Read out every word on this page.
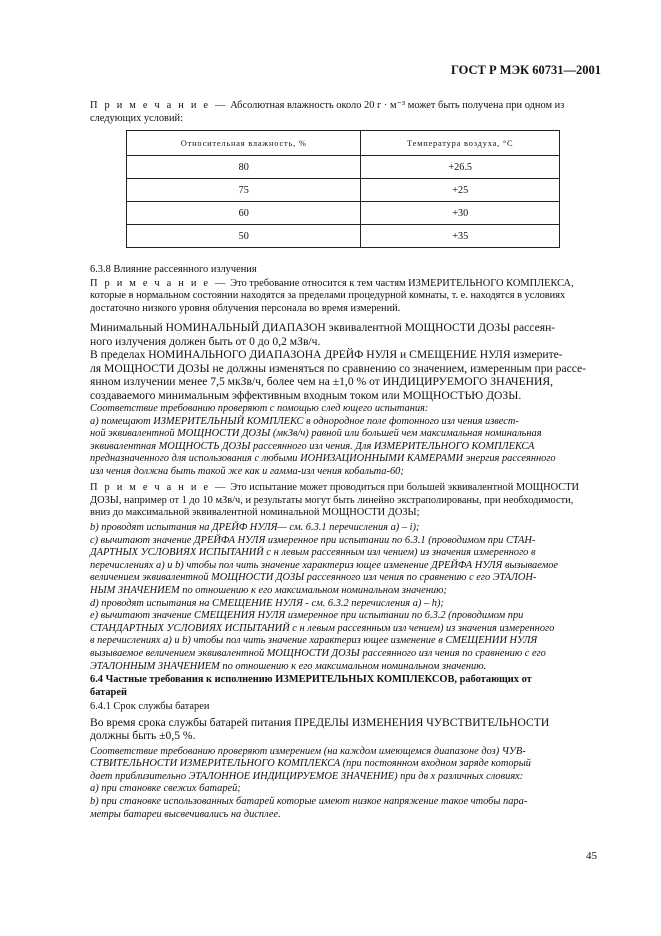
ГОСТ Р МЭК 60731—2001

П р и м е ч а н и е — Абсолютная влажность около 20 г · м⁻³ может быть получена при одном из

следующих условий:

Относительная влажность, %	Температура воздуха, °С
80	+26.5
75	+25
60	+30
50	+35

6.3.8 Влияние рассеянного излучения

П р и м е ч а н и е — Это требование относится к тем частям ИЗМЕРИТЕЛЬНОГО КОМПЛЕКСА,

которые в нормальном состоянии находятся за пределами процедурной комнаты, т. е. находятся в условиях

достаточно низкого уровня облучения персонала во время измерений.

Минимальный НОМИНАЛЬНЫЙ ДИАПАЗОН эквивалентной МОЩНОСТИ ДОЗЫ рассеян-

ного излучения должен быть от 0 до 0,2 мЗв/ч.

В пределах НОМИНАЛЬНОГО ДИАПАЗОНА ДРЕЙФ НУЛЯ и СМЕЩЕНИЕ НУЛЯ измерите-

ля МОЩНОСТИ ДОЗЫ не должны изменяться по сравнению со значением, измеренным при рассе-

янном излучении менее 7,5 мкЗв/ч, более чем на ±1,0 % от ИНДИЦИРУЕМОГО ЗНАЧЕНИЯ,

создаваемого минимальным эффективным входным током или МОЩНОСТЬЮ ДОЗЫ.

Соответствие требованию проверяют с помощью след ющего испытания:

а) помещают ИЗМЕРИТЕЛЬНЫЙ КОМПЛЕКС в однородное поле фотонного изл чения извест-

ной эквивалентной МОЩНОСТИ ДОЗЫ (мкЗв/ч) равной или большей чем максимальная номинальная

эквивалентная МОЩНОСТЬ ДОЗЫ рассеянного изл чения. Для ИЗМЕРИТЕЛЬНОГО КОМПЛЕКСА

предназначенного для использования с любыми ИОНИЗАЦИОННЫМИ КАМЕРАМИ энергия рассеянного

изл чения должна быть такой же как и гамма-изл чения кобальта-60;

П р и м е ч а н и е — Это испытание может проводиться при большей эквивалентной МОЩНОСТИ

ДОЗЫ, например от 1 до 10 мЗв/ч, и результаты могут быть линейно экстраполированы, при необходимости,

вниз до максимальной эквивалентной номинальной МОЩНОСТИ ДОЗЫ;

b) проводят испытания на ДРЕЙФ НУЛЯ— см. 6.3.1 перечисления а) – i);

с) вычитают значение ДРЕЙФА НУЛЯ измеренное при испытании по 6.3.1 (проводимом при СТАН-

ДАРТНЫХ УСЛОВИЯХ ИСПЫТАНИЙ с н левым рассеянным изл чением) из значения измеренного в

перечислениях а) и b) чтобы пол чить значение характериз ющее изменение ДРЕЙФА НУЛЯ вызываемое

величением эквивалентной МОЩНОСТИ ДОЗЫ рассеянного изл чения по сравнению с его ЭТАЛОН-

НЫМ ЗНАЧЕНИЕМ по отношению к его максимальном номинальном значению;

d) проводят испытания на СМЕЩЕНИЕ НУЛЯ - см. 6.3.2 перечисления а) – h);

е) вычитают значение СМЕЩЕНИЯ НУЛЯ измеренное при испытании по 6.3.2 (проводимом при

СТАНДАРТНЫХ УСЛОВИЯХ ИСПЫТАНИЙ с н левым рассеянным изл чением) из значения измеренного

в перечислениях а) и b) чтобы пол чить значение характериз ющее изменение в СМЕЩЕНИИ НУЛЯ

вызываемое величением эквивалентной МОЩНОСТИ ДОЗЫ рассеянного изл чения по сравнению с его

ЭТАЛОННЫМ ЗНАЧЕНИЕМ по отношению к его максимальном номинальном значению.

6.4 Частные требования к исполнению ИЗМЕРИТЕЛЬНЫХ КОМПЛЕКСОВ, работающих от

батарей

6.4.1 Срок службы батареи

Во время срока службы батарей питания ПРЕДЕЛЫ ИЗМЕНЕНИЯ ЧУВСТВИТЕЛЬНОСТИ

должны быть ±0,5 %.

Соответствие требованию проверяют измерением (на каждом имеющемся диапазоне доз) ЧУВ-

СТВИТЕЛЬНОСТИ ИЗМЕРИТЕЛЬНОГО КОМПЛЕКСА (при постоянном входном заряде который

дает приблизительно ЭТАЛОННОЕ ИНДИЦИРУЕМОЕ ЗНАЧЕНИЕ) при дв х различных словиях:

а) при становке свежих батарей;

b) при становке использованных батарей которые имеют низкое напряжение такое чтобы пара-

метры батареи высвечивались на дисплее.

45
